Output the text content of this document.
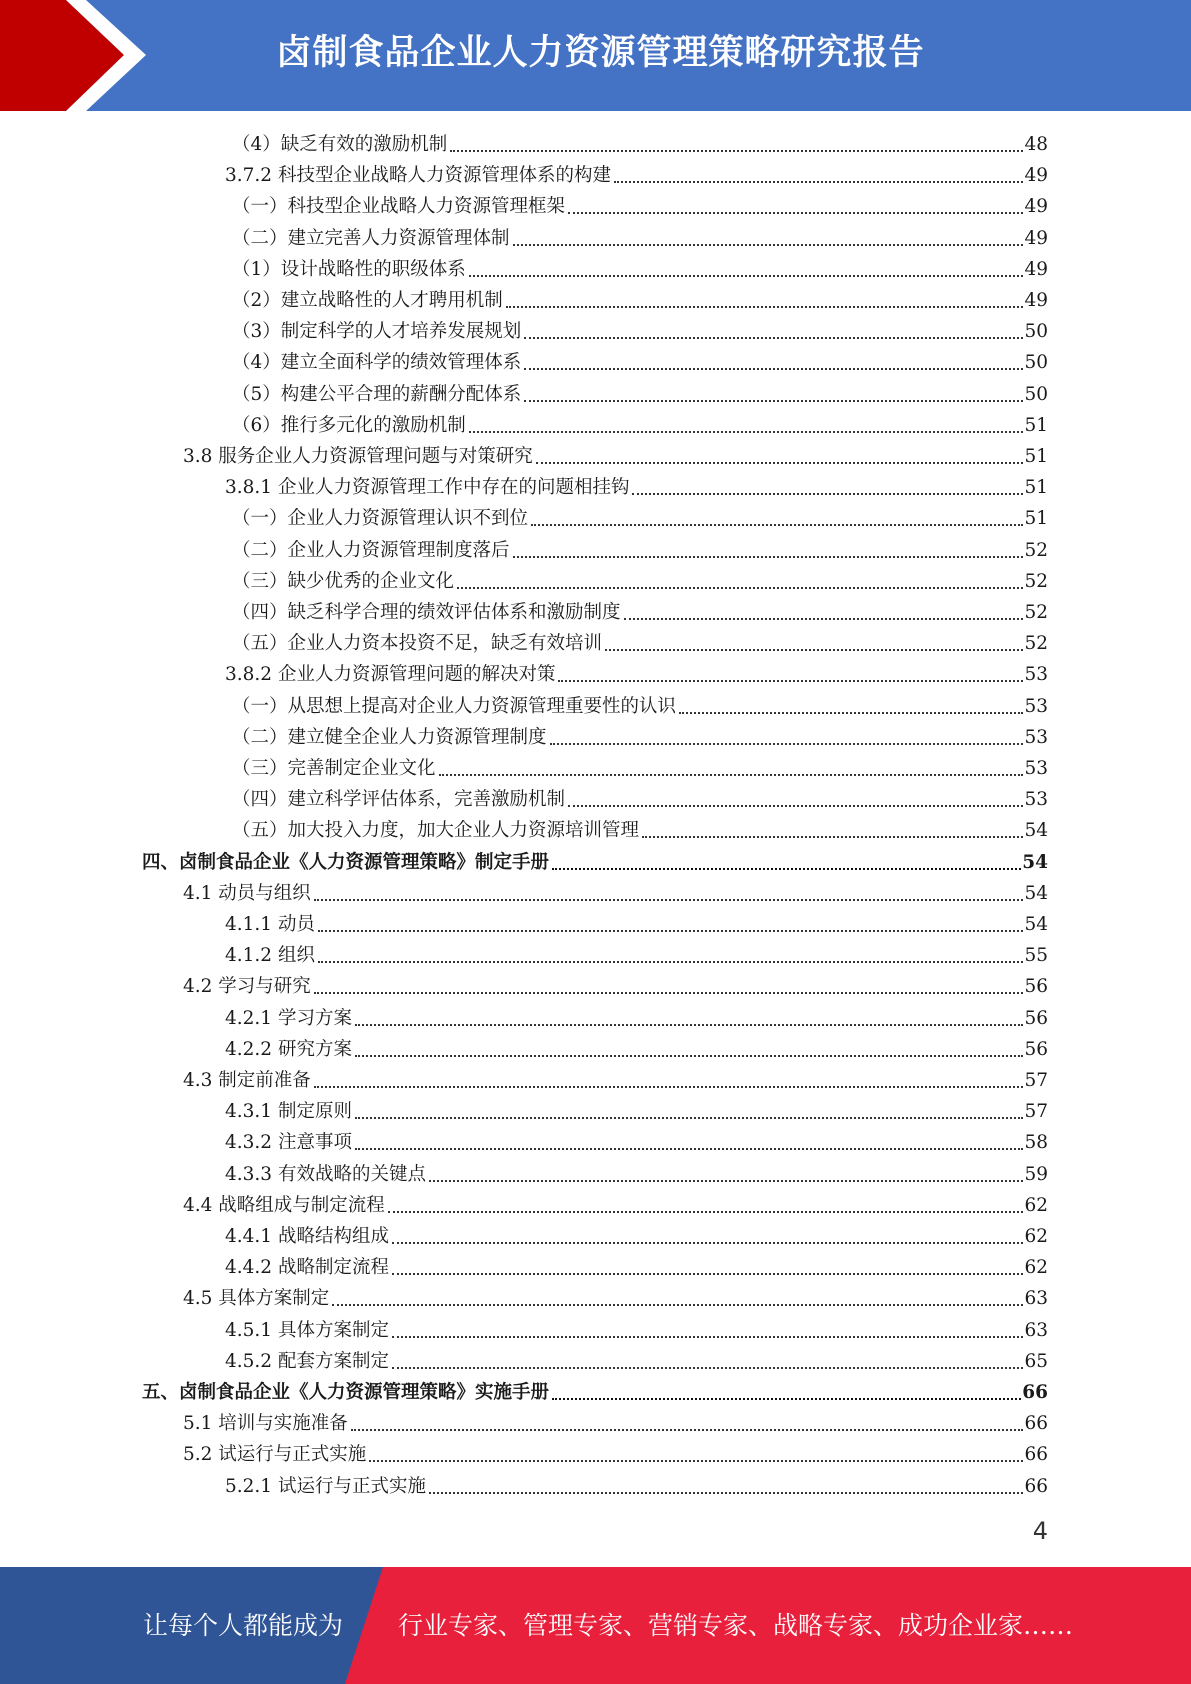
卤制食品企业人力资源管理策略研究报告
（4）缺乏有效的激励机制	48
3.7.2 科技型企业战略人力资源管理体系的构建	49
（一）科技型企业战略人力资源管理框架	49
（二）建立完善人力资源管理体制	49
（1）设计战略性的职级体系	49
（2）建立战略性的人才聘用机制	49
（3）制定科学的人才培养发展规划	50
（4）建立全面科学的绩效管理体系	50
（5）构建公平合理的薪酬分配体系	50
（6）推行多元化的激励机制	51
3.8 服务企业人力资源管理问题与对策研究	51
3.8.1 企业人力资源管理工作中存在的问题相挂钩	51
（一）企业人力资源管理认识不到位	51
（二）企业人力资源管理制度落后	52
（三）缺少优秀的企业文化	52
（四）缺乏科学合理的绩效评估体系和激励制度	52
（五）企业人力资本投资不足，缺乏有效培训	52
3.8.2 企业人力资源管理问题的解决对策	53
（一）从思想上提高对企业人力资源管理重要性的认识	53
（二）建立健全企业人力资源管理制度	53
（三）完善制定企业文化	53
（四）建立科学评估体系，完善激励机制	53
（五）加大投入力度，加大企业人力资源培训管理	54
四、卤制食品企业《人力资源管理策略》制定手册	54
4.1 动员与组织	54
4.1.1 动员	54
4.1.2 组织	55
4.2 学习与研究	56
4.2.1 学习方案	56
4.2.2 研究方案	56
4.3 制定前准备	57
4.3.1 制定原则	57
4.3.2 注意事项	58
4.3.3 有效战略的关键点	59
4.4 战略组成与制定流程	62
4.4.1 战略结构组成	62
4.4.2 战略制定流程	62
4.5 具体方案制定	63
4.5.1 具体方案制定	63
4.5.2 配套方案制定	65
五、卤制食品企业《人力资源管理策略》实施手册	66
5.1 培训与实施准备	66
5.2 试运行与正式实施	66
5.2.1 试运行与正式实施	66
4
让每个人都能成为 行业专家、管理专家、营销专家、战略专家、成功企业家……
